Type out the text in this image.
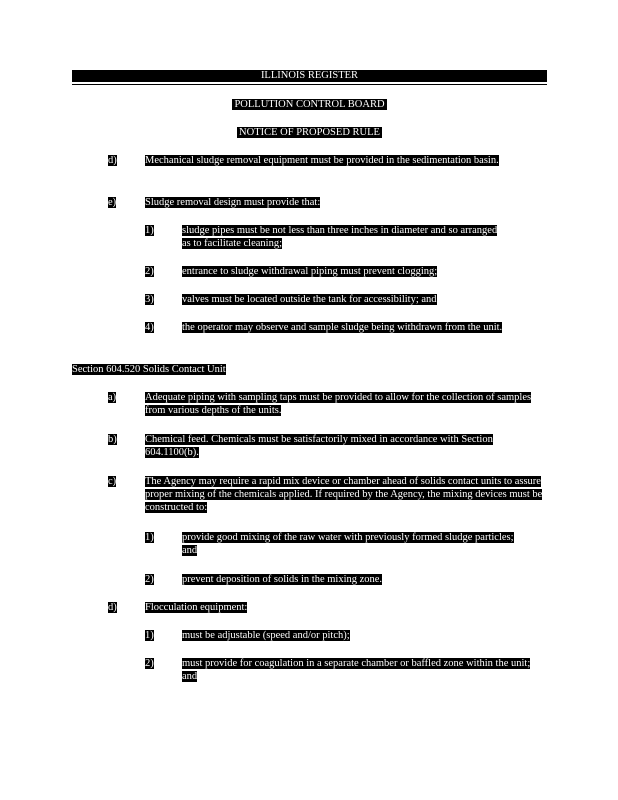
ILLINOIS REGISTER
POLLUTION CONTROL BOARD
NOTICE OF PROPOSED RULE
d)	Mechanical sludge removal equipment must be provided in the sedimentation basin.
e)	Sludge removal design must provide that:
1)	sludge pipes must be not less than three inches in diameter and so arranged as to facilitate cleaning;
2)	entrance to sludge withdrawal piping must prevent clogging;
3)	valves must be located outside the tank for accessibility; and
4)	the operator may observe and sample sludge being withdrawn from the unit.
Section 604.520 Solids Contact Unit
a)	Adequate piping with sampling taps must be provided to allow for the collection of samples from various depths of the units.
b)	Chemical feed. Chemicals must be satisfactorily mixed in accordance with Section 604.1100(b).
c)	The Agency may require a rapid mix device or chamber ahead of solids contact units to assure proper mixing of the chemicals applied. If required by the Agency, the mixing devices must be constructed to:
1)	provide good mixing of the raw water with previously formed sludge particles; and
2)	prevent deposition of solids in the mixing zone.
d)	Flocculation equipment:
1)	must be adjustable (speed and/or pitch);
2)	must provide for coagulation in a separate chamber or baffled zone within the unit; and
